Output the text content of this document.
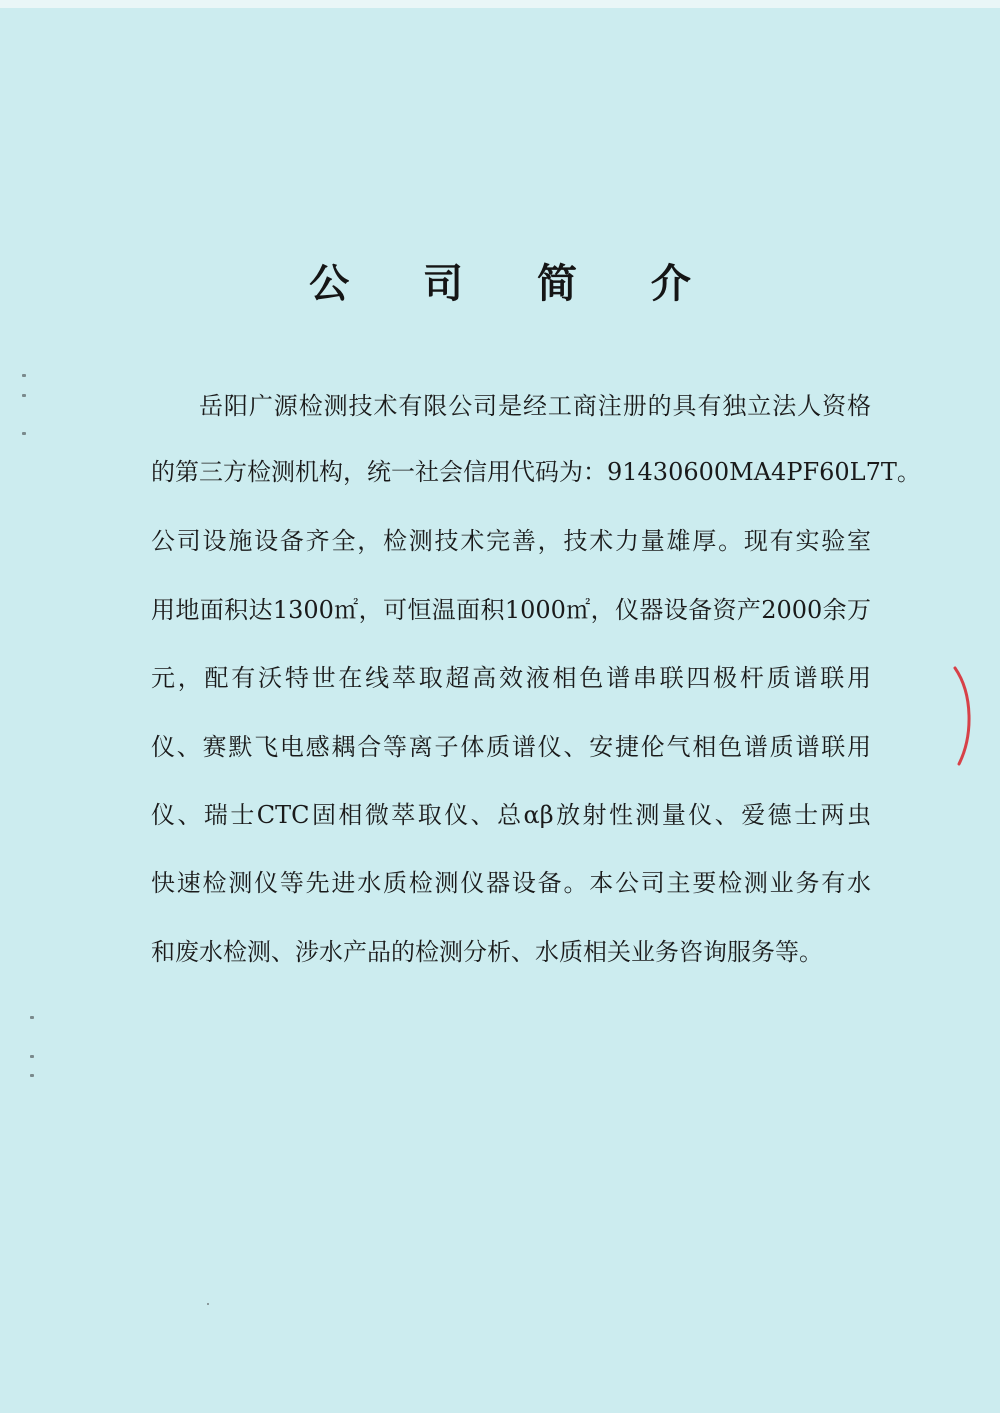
公 司 简 介

岳阳广源检测技术有限公司是经工商注册的具有独立法人资格

的第三方检测机构，统一社会信用代码为：91430600MA4PF60L7T。

公司设施设备齐全，检测技术完善，技术力量雄厚。现有实验室

用地面积达1300㎡，可恒温面积1000㎡，仪器设备资产2000余万

元，配有沃特世在线萃取超高效液相色谱串联四极杆质谱联用

仪、赛默飞电感耦合等离子体质谱仪、安捷伦气相色谱质谱联用

仪、瑞士CTC固相微萃取仪、总αβ放射性测量仪、爱德士两虫

快速检测仪等先进水质检测仪器设备。本公司主要检测业务有水

和废水检测、涉水产品的检测分析、水质相关业务咨询服务等。
